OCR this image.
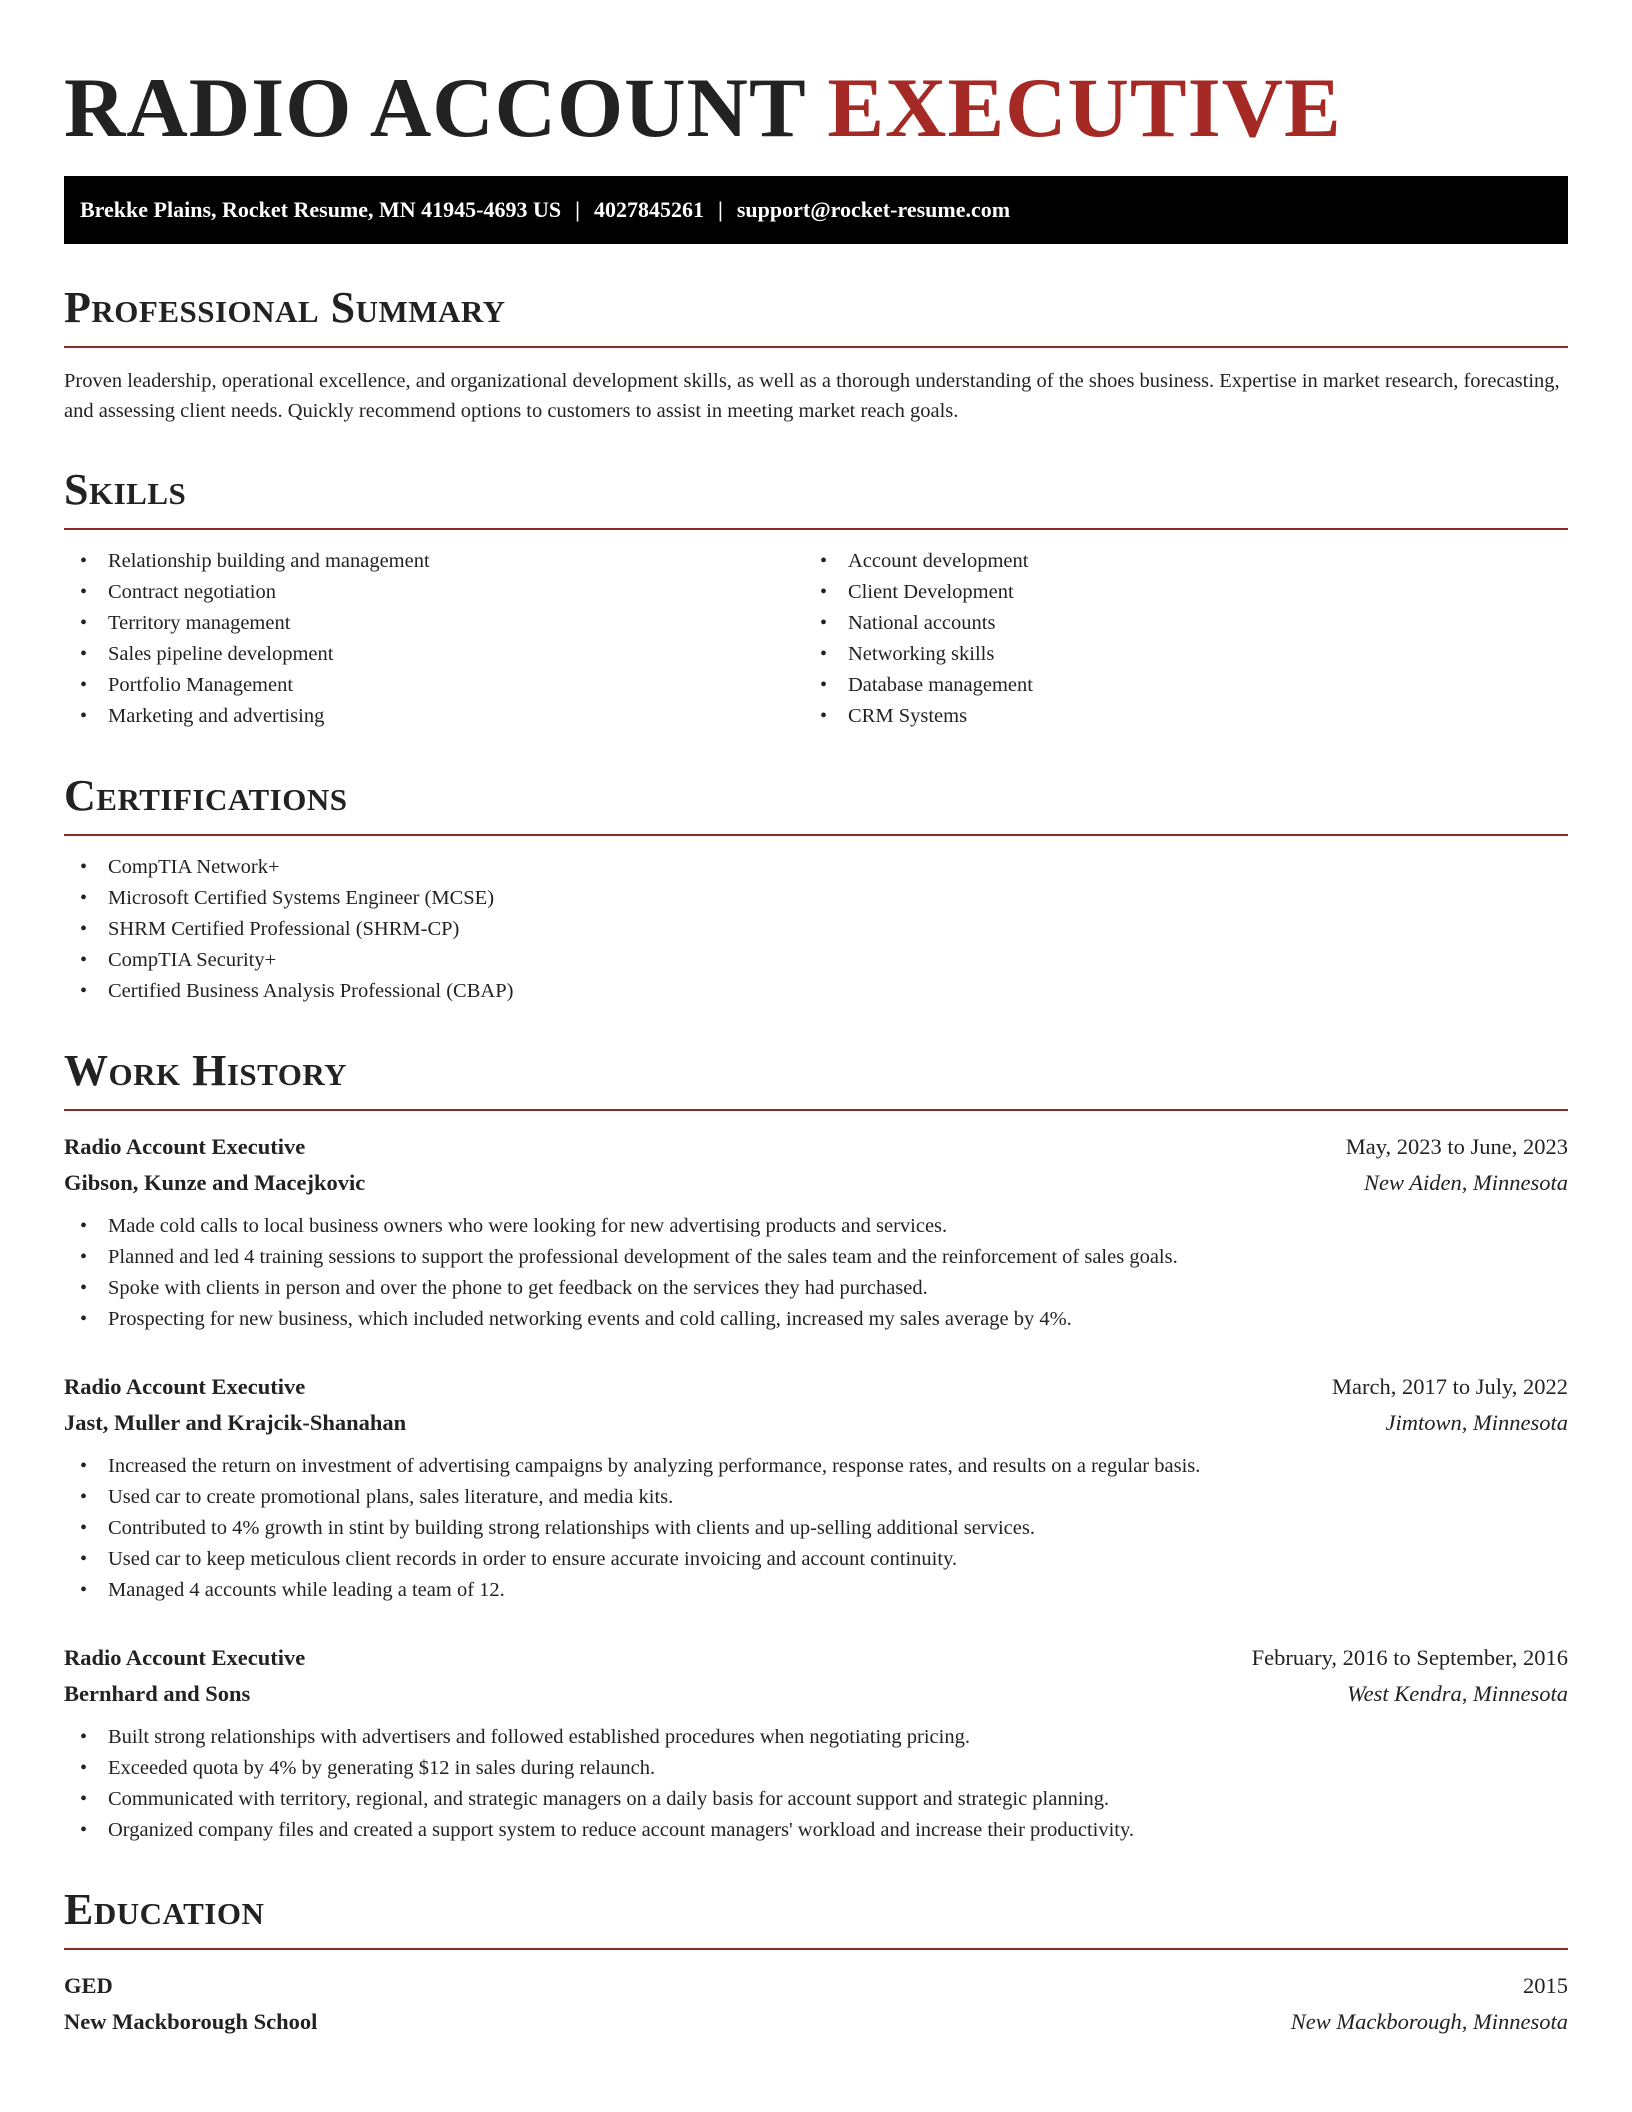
RADIO ACCOUNT EXECUTIVE
Brekke Plains, Rocket Resume, MN 41945-4693 US | 4027845261 | support@rocket-resume.com
Professional Summary
Proven leadership, operational excellence, and organizational development skills, as well as a thorough understanding of the shoes business. Expertise in market research, forecasting, and assessing client needs. Quickly recommend options to customers to assist in meeting market reach goals.
Skills
• Relationship building and management
• Contract negotiation
• Territory management
• Sales pipeline development
• Portfolio Management
• Marketing and advertising
• Account development
• Client Development
• National accounts
• Networking skills
• Database management
• CRM Systems
Certifications
• CompTIA Network+
• Microsoft Certified Systems Engineer (MCSE)
• SHRM Certified Professional (SHRM-CP)
• CompTIA Security+
• Certified Business Analysis Professional (CBAP)
Work History
Radio Account Executive	May, 2023 to June, 2023
Gibson, Kunze and Macejkovic	New Aiden, Minnesota
• Made cold calls to local business owners who were looking for new advertising products and services.
• Planned and led 4 training sessions to support the professional development of the sales team and the reinforcement of sales goals.
• Spoke with clients in person and over the phone to get feedback on the services they had purchased.
• Prospecting for new business, which included networking events and cold calling, increased my sales average by 4%.
Radio Account Executive	March, 2017 to July, 2022
Jast, Muller and Krajcik-Shanahan	Jimtown, Minnesota
• Increased the return on investment of advertising campaigns by analyzing performance, response rates, and results on a regular basis.
• Used car to create promotional plans, sales literature, and media kits.
• Contributed to 4% growth in stint by building strong relationships with clients and up-selling additional services.
• Used car to keep meticulous client records in order to ensure accurate invoicing and account continuity.
• Managed 4 accounts while leading a team of 12.
Radio Account Executive	February, 2016 to September, 2016
Bernhard and Sons	West Kendra, Minnesota
• Built strong relationships with advertisers and followed established procedures when negotiating pricing.
• Exceeded quota by 4% by generating $12 in sales during relaunch.
• Communicated with territory, regional, and strategic managers on a daily basis for account support and strategic planning.
• Organized company files and created a support system to reduce account managers' workload and increase their productivity.
Education
GED	2015
New Mackborough School	New Mackborough, Minnesota
